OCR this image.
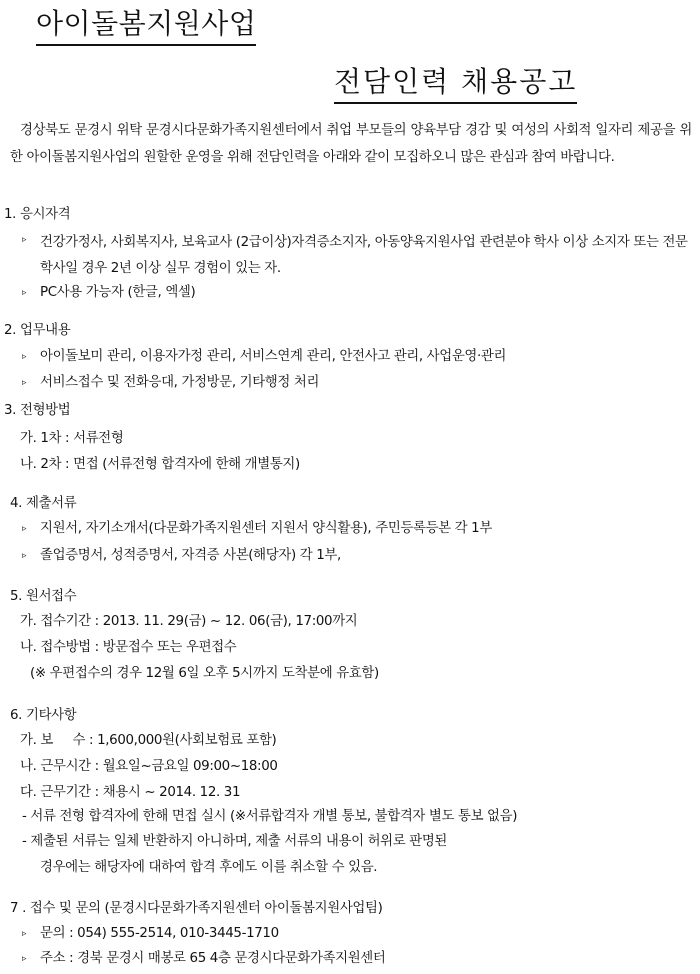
아이돌봄지원사업
전담인력 채용공고
경상북도 문경시 위탁 문경시다문화가족지원센터에서 취업 부모들의 양육부담 경감 및 여성의 사회적 일자리 제공을 위한 아이돌봄지원사업의 원할한 운영을 위해 전담인력을 아래와 같이 모집하오니 많은 관심과 참여 바랍니다.
1. 응시자격
▹	건강가정사, 사회복지사, 보육교사 (2급이상)자격증소지자, 아동양육지원사업 관련분야 학사 이상 소지자 또는 전문학사일 경우 2년 이상 실무 경험이 있는 자.
▹	PC사용 가능자 (한글, 엑셀)
2. 업무내용
▹	아이돌보미 관리, 이용자가정 관리, 서비스연계 관리, 안전사고 관리, 사업운영·관리
▹	서비스접수 및 전화응대, 가정방문, 기타행정 처리
3. 전형방법
가. 1차 : 서류전형
나. 2차 : 면접 (서류전형 합격자에 한해 개별통지)
4. 제출서류
▹	지원서, 자기소개서(다문화가족지원센터 지원서 양식활용), 주민등록등본 각 1부
▹	졸업증명서, 성적증명서, 자격증 사본(해당자) 각 1부,
5. 원서접수
가. 접수기간 : 2013. 11. 29(금) ~ 12. 06(금), 17:00까지
나. 접수방법 : 방문접수 또는 우편접수
(※ 우편접수의 경우 12월 6일 오후 5시까지 도착분에 유효함)
6. 기타사항
가. 보     수 : 1,600,000원(사회보험료 포함)
나. 근무시간 : 월요일~금요일 09:00~18:00
다. 근무기간 : 채용시 ~ 2014. 12. 31
- 서류 전형 합격자에 한해 면접 실시 (※서류합격자 개별 통보, 불합격자 별도 통보 없음)
- 제출된 서류는 일체 반환하지 아니하며, 제출 서류의 내용이 허위로 판명된
경우에는 해당자에 대하여 합격 후에도 이를 취소할 수 있음.
7 . 접수 및 문의 (문경시다문화가족지원센터 아이돌봄지원사업팀)
▹	문의 : 054) 555-2514, 010-3445-1710
▹	주소 : 경북 문경시 매봉로 65 4층 문경시다문화가족지원센터
